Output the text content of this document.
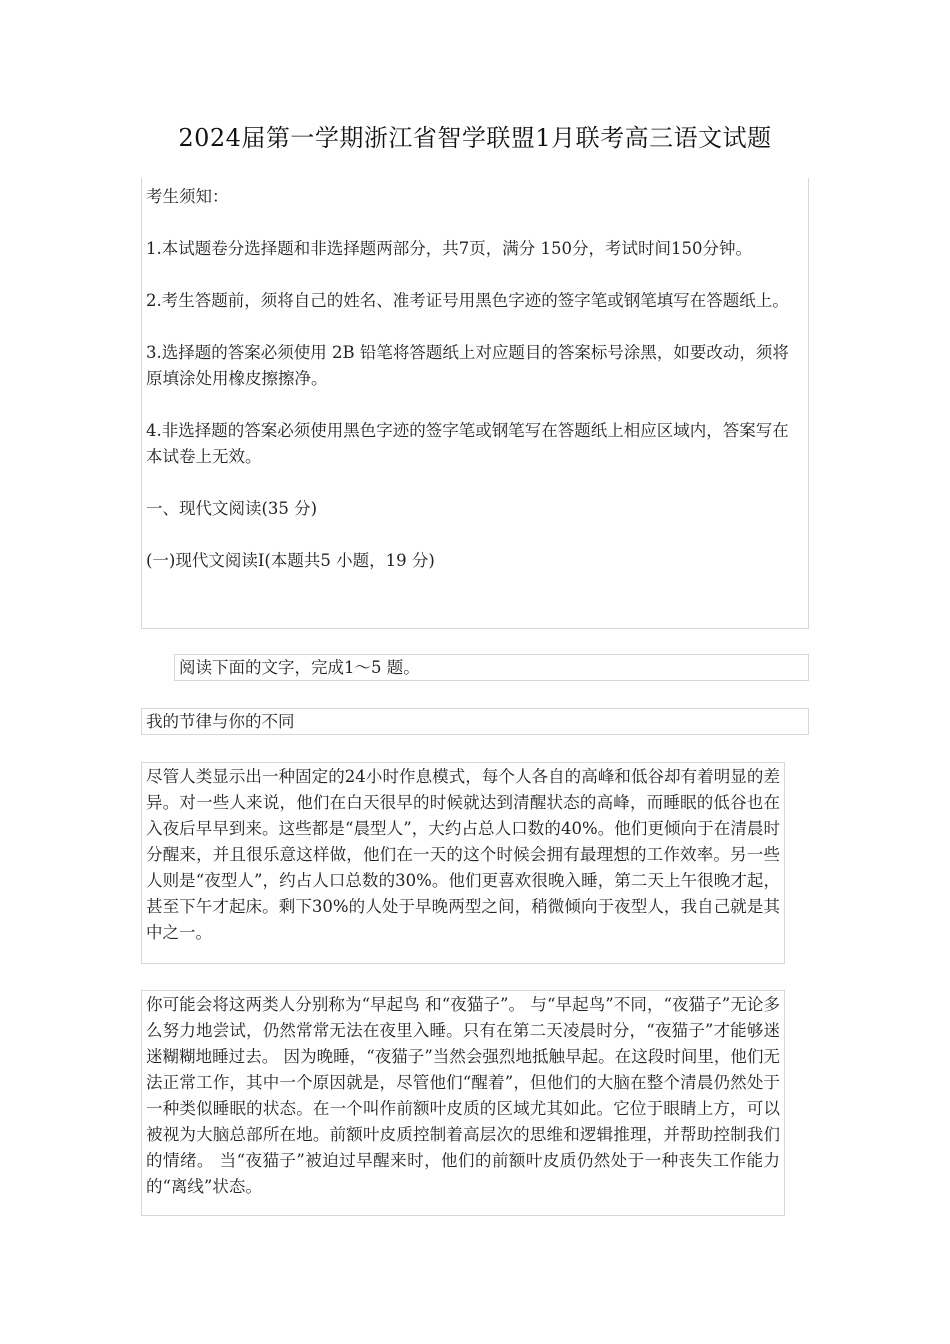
2024届第一学期浙江省智学联盟1月联考高三语文试题

考生须知：

1.本试题卷分选择题和非选择题两部分，共7页，满分 150分，考试时间150分钟。

2.考生答题前，须将自己的姓名、准考证号用黑色字迹的签字笔或钢笔填写在答题纸上。

3.选择题的答案必须使用 2B 铅笔将答题纸上对应题目的答案标号涂黑，如要改动，须将原填涂处用橡皮擦擦净。

4.非选择题的答案必须使用黑色字迹的签字笔或钢笔写在答题纸上相应区域内，答案写在本试卷上无效。

一、现代文阅读(35 分)

(一)现代文阅读Ⅰ(本题共5 小题，19 分)

阅读下面的文字，完成1～5 题。
我的节律与你的不同
尽管人类显示出一种固定的24小时作息模式，每个人各自的高峰和低谷却有着明显的差异。对一些人来说，他们在白天很早的时候就达到清醒状态的高峰，而睡眠的低谷也在入夜后早早到来。这些都是“晨型人”，大约占总人口数的40%。他们更倾向于在清晨时分醒来，并且很乐意这样做，他们在一天的这个时候会拥有最理想的工作效率。另一些人则是“夜型人”，约占人口总数的30%。他们更喜欢很晚入睡，第二天上午很晚才起，甚至下午才起床。剩下30%的人处于早晚两型之间，稍微倾向于夜型人，我自己就是其中之一。
你可能会将这两类人分别称为“早起鸟 和“夜猫子”。 与“早起鸟”不同，“夜猫子”无论多么努力地尝试，仍然常常无法在夜里入睡。只有在第二天凌晨时分，“夜猫子”才能够迷迷糊糊地睡过去。 因为晚睡，“夜猫子”当然会强烈地抵触早起。在这段时间里，他们无法正常工作，其中一个原因就是，尽管他们“醒着”，但他们的大脑在整个清晨仍然处于一种类似睡眠的状态。在一个叫作前额叶皮质的区域尤其如此。它位于眼睛上方，可以被视为大脑总部所在地。前额叶皮质控制着高层次的思维和逻辑推理，并帮助控制我们的情绪。 当“夜猫子”被迫过早醒来时，他们的前额叶皮质仍然处于一种丧失工作能力的“离线”状态。
